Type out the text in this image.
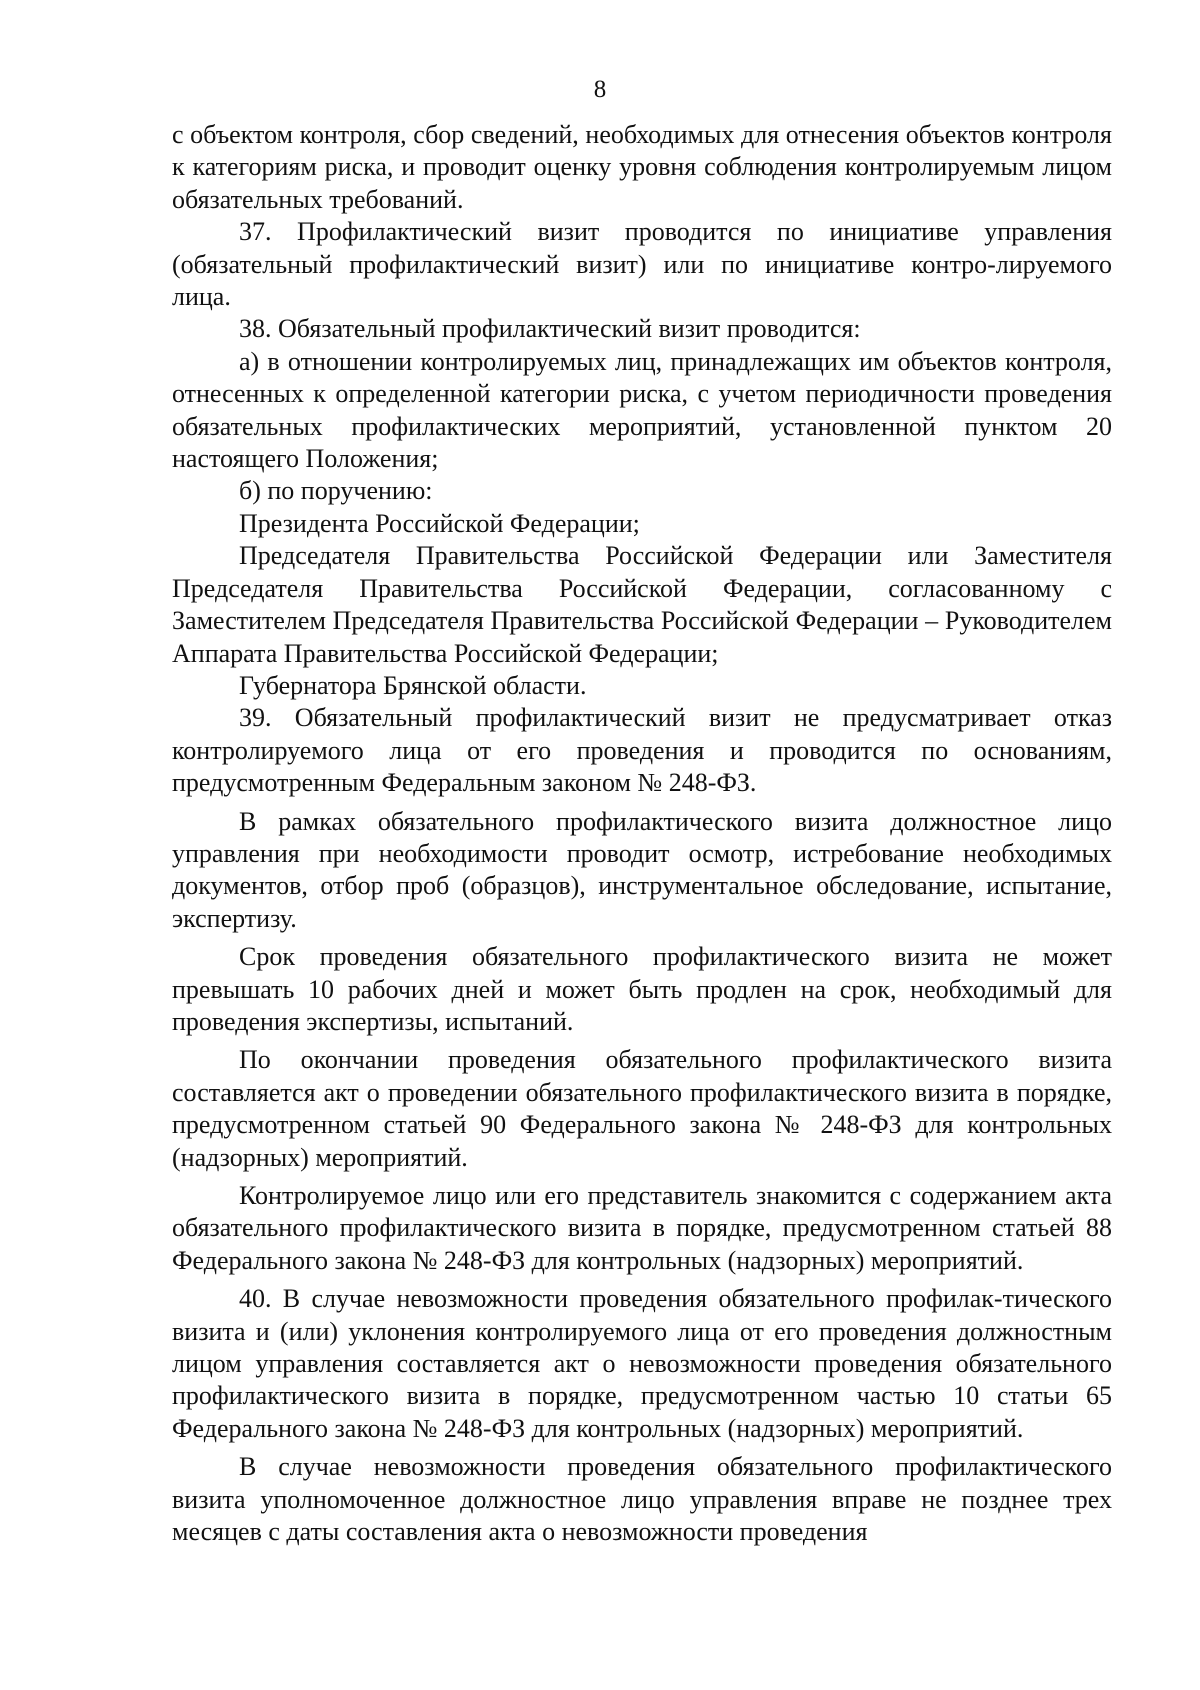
8

с объектом контроля, сбор сведений, необходимых для отнесения объектов контроля к категориям риска, и проводит оценку уровня соблюдения контролируемым лицом обязательных требований.

37. Профилактический визит проводится по инициативе управления (обязательный профилактический визит) или по инициативе контро-лируемого лица.

38. Обязательный профилактический визит проводится:

а) в отношении контролируемых лиц, принадлежащих им объектов контроля, отнесенных к определенной категории риска, с учетом периодичности проведения обязательных профилактических мероприятий, установленной пунктом 20 настоящего Положения;

б) по поручению:

Президента Российской Федерации;

Председателя Правительства Российской Федерации или Заместителя Председателя Правительства Российской Федерации, согласованному с Заместителем Председателя Правительства Российской Федерации – Руководителем Аппарата Правительства Российской Федерации;

Губернатора Брянской области.

39. Обязательный профилактический визит не предусматривает отказ контролируемого лица от его проведения и проводится по основаниям, предусмотренным Федеральным законом № 248-ФЗ.

В рамках обязательного профилактического визита должностное лицо управления при необходимости проводит осмотр, истребование необходимых документов, отбор проб (образцов), инструментальное обследование, испытание, экспертизу.

Срок проведения обязательного профилактического визита не может превышать 10 рабочих дней и может быть продлен на срок, необходимый для проведения экспертизы, испытаний.

По окончании проведения обязательного профилактического визита составляется акт о проведении обязательного профилактического визита в порядке, предусмотренном статьей 90 Федерального закона № 248-ФЗ для контрольных (надзорных) мероприятий.

Контролируемое лицо или его представитель знакомится с содержанием акта обязательного профилактического визита в порядке, предусмотренном статьей 88 Федерального закона № 248-ФЗ для контрольных (надзорных) мероприятий.

40. В случае невозможности проведения обязательного профилак-тического визита и (или) уклонения контролируемого лица от его проведения должностным лицом управления составляется акт о невозможности проведения обязательного профилактического визита в порядке, предусмотренном частью 10 статьи 65 Федерального закона № 248-ФЗ для контрольных (надзорных) мероприятий.

В случае невозможности проведения обязательного профилактического визита уполномоченное должностное лицо управления вправе не позднее трех месяцев с даты составления акта о невозможности проведения
